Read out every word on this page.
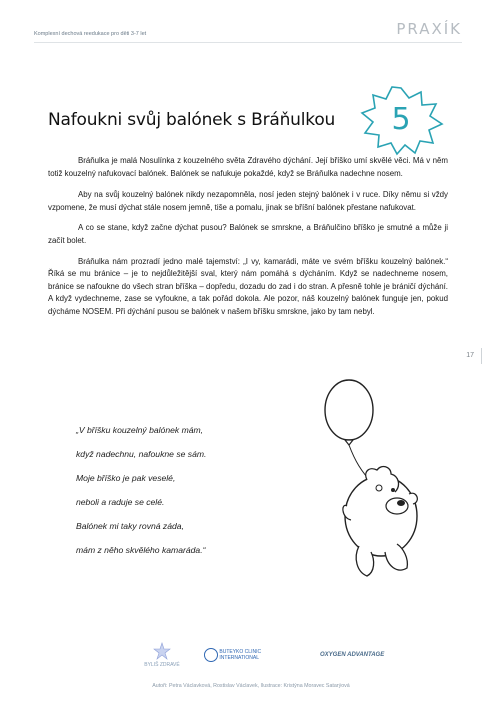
Komplexní dechová reedukace pro děti 3-7 let	PRAXÍK
Nafoukni svůj balónek s Bráňulkou	5

Bráňulka je malá Nosulínka z kouzelného světa Zdravého dýchání. Její bříško umí skvělé věci. Má v něm totiž kouzelný nafukovací balónek. Balónek se nafukuje pokaždé, když se Bráňulka nadechne nosem.

Aby na svůj kouzelný balónek nikdy nezapomněla, nosí jeden stejný balónek i v ruce. Díky němu si vždy vzpomene, že musí dýchat stále nosem jemně, tiše a pomalu, jinak se bříšní balónek přestane nafukovat.

A co se stane, když začne dýchat pusou? Balónek se smrskne, a Bráňulčino bříško je smutné a může ji začít bolet.

Bráňulka nám prozradí jedno malé tajemství: „I vy, kamarádi, máte ve svém bříšku kouzelný balónek.“ Říká se mu bránice – je to nejdůležitější sval, který nám pomáhá s dýcháním. Když se nadechneme nosem, bránice se nafoukne do všech stran bříška – dopředu, dozadu do zad i do stran. A přesně tohle je bráničí dýchání. A když vydechneme, zase se vyfoukne, a tak pořád dokola. Ale pozor, náš kouzelný balónek funguje jen, pokud dýcháme NOSEM. Při dýchání pusou se balónek v našem bříšku smrskne, jako by tam nebyl.

17
„V bříšku kouzelný balónek mám,
když nadechnu, nafoukne se sám.
Moje bříško je pak veselé,
neboli a raduje se celé.
Balónek mi taky rovná záda,
mám z něho skvělého kamaráda.“
BYLIŠ ZDRAVÉ
BUTEYKO CLINIC
INTERNATIONAL	OXYGEN ADVANTAGE
Autoři: Petra Václavková, Rostislav Václavek, Ilustrace: Kristýna Moravec Satarýová
